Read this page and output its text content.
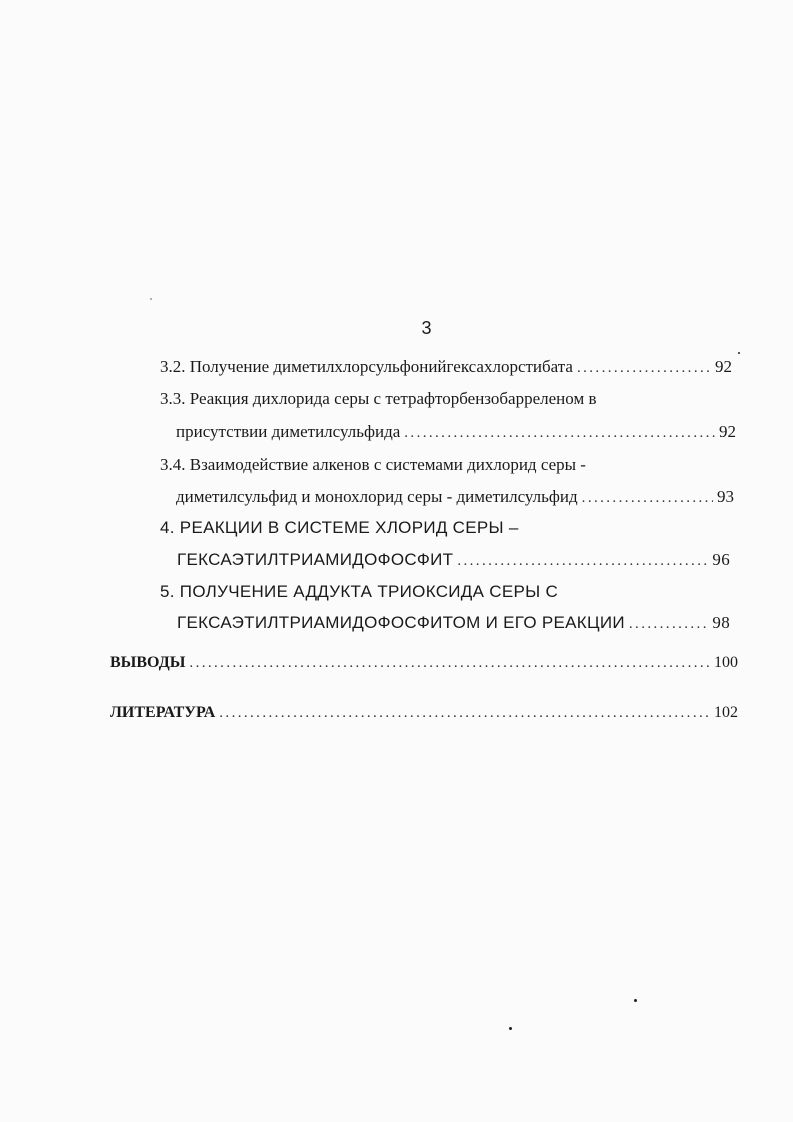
3
3.2. Получение диметилхлорсульфонийгексахлорстибата .....	92
3.3. Реакция дихлорида серы с тетрафторбензобарреленом в
присутствии диметилсульфида .....	92
3.4. Взаимодействие алкенов с системами дихлорид серы -
диметилсульфид и монохлорид серы - диметилсульфид .....	93
4. РЕАКЦИИ В СИСТЕМЕ ХЛОРИД СЕРЫ –
ГЕКСАЭТИЛТРИАМИДОФОСФИТ .....	96
5. ПОЛУЧЕНИЕ АДДУКТА ТРИОКСИДА СЕРЫ С
ГЕКСАЭТИЛТРИАМИДОФОСФИТОМ И ЕГО РЕАКЦИИ .....	98
ВЫВОДЫ .....	100
ЛИТЕРАТУРА .....	102
